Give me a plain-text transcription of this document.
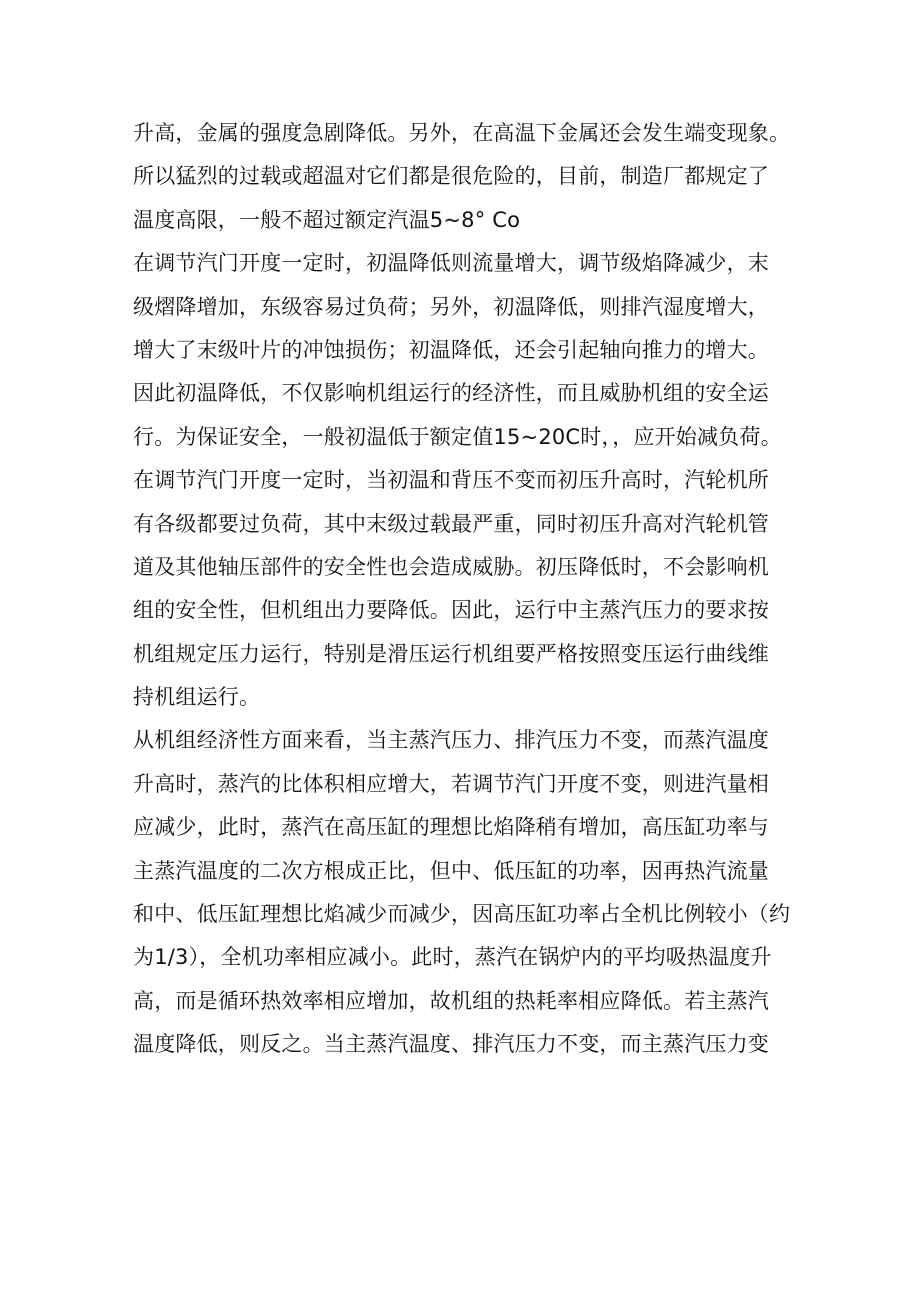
升高，金属的强度急剧降低。另外，在高温下金属还会发生端变现象。
所以猛烈的过载或超温对它们都是很危险的，目前，制造厂都规定了
温度高限，一般不超过额定汽温5~8° Co
在调节汽门开度一定时，初温降低则流量增大，调节级焰降减少，末
级熠降增加，东级容易过负荷；另外，初温降低，则排汽湿度增大，
增大了末级叶片的冲蚀损伤；初温降低，还会引起轴向推力的增大。
因此初温降低，不仅影响机组运行的经济性，而且威胁机组的安全运
行。为保证安全，一般初温低于额定值15~20C时，，应开始减负荷。
在调节汽门开度一定时，当初温和背压不变而初压升高时，汽轮机所
有各级都要过负荷，其中末级过载最严重，同时初压升高对汽轮机管
道及其他轴压部件的安全性也会造成威胁。初压降低时，不会影响机
组的安全性，但机组出力要降低。因此，运行中主蒸汽压力的要求按
机组规定压力运行，特别是滑压运行机组要严格按照变压运行曲线维
持机组运行。
从机组经济性方面来看，当主蒸汽压力、排汽压力不变，而蒸汽温度
升高时，蒸汽的比体积相应增大，若调节汽门开度不变，则进汽量相
应减少，此时，蒸汽在高压缸的理想比焰降稍有增加，高压缸功率与
主蒸汽温度的二次方根成正比，但中、低压缸的功率，因再热汽流量
和中、低压缸理想比焰减少而减少，因高压缸功率占全机比例较小（约
为1/3），全机功率相应减小。此时，蒸汽在锅炉内的平均吸热温度升
高，而是循环热效率相应增加，故机组的热耗率相应降低。若主蒸汽
温度降低，则反之。当主蒸汽温度、排汽压力不变，而主蒸汽压力变
